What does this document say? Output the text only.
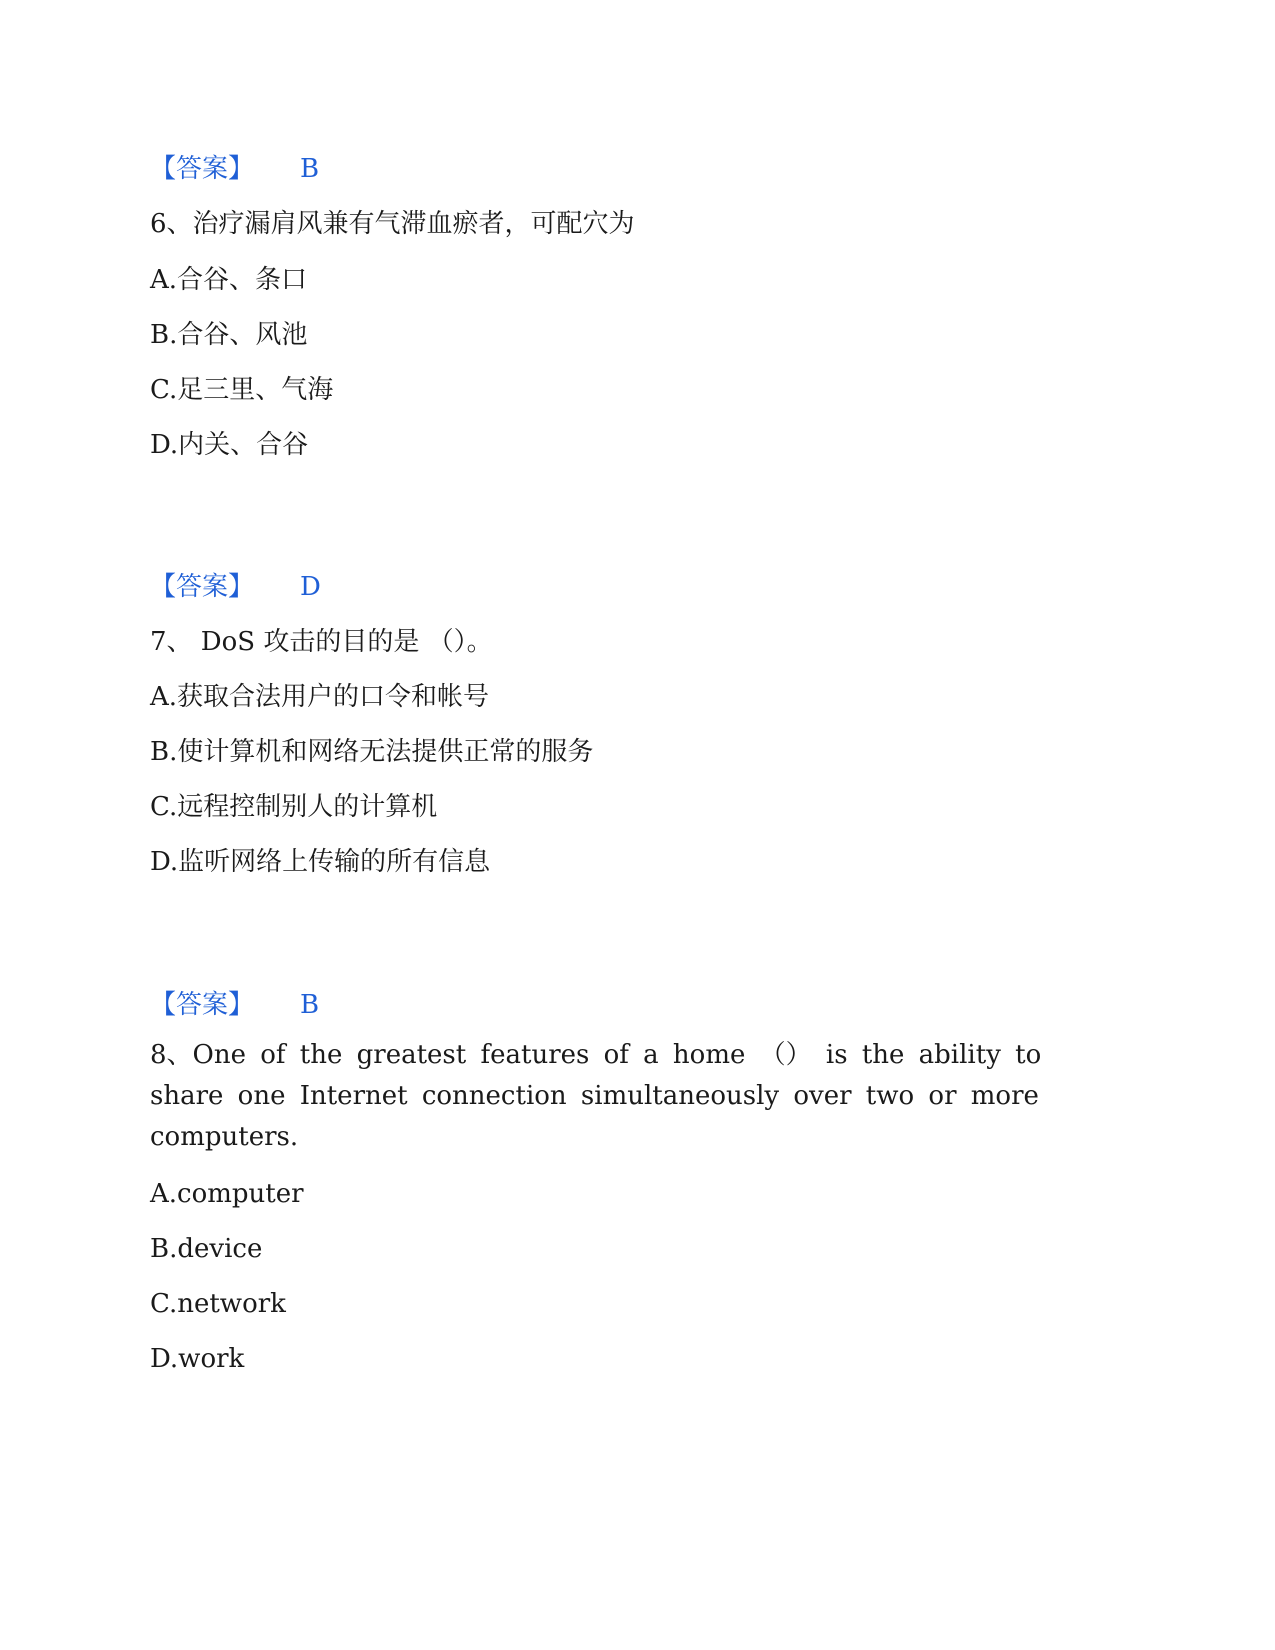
【答案】 B
6、治疗漏肩风兼有气滞血瘀者，可配穴为
A.合谷、条口
B.合谷、风池
C.足三里、气海
D.内关、合谷
【答案】 D
7、 DoS 攻击的目的是 （）。
A.获取合法用户的口令和帐号
B.使计算机和网络无法提供正常的服务
C.远程控制别人的计算机
D.监听网络上传输的所有信息
【答案】 B
8、One of the greatest features of a home （） is the ability to share one Internet connection simultaneously over two or more computers.
A.computer
B.device
C.network
D.work
